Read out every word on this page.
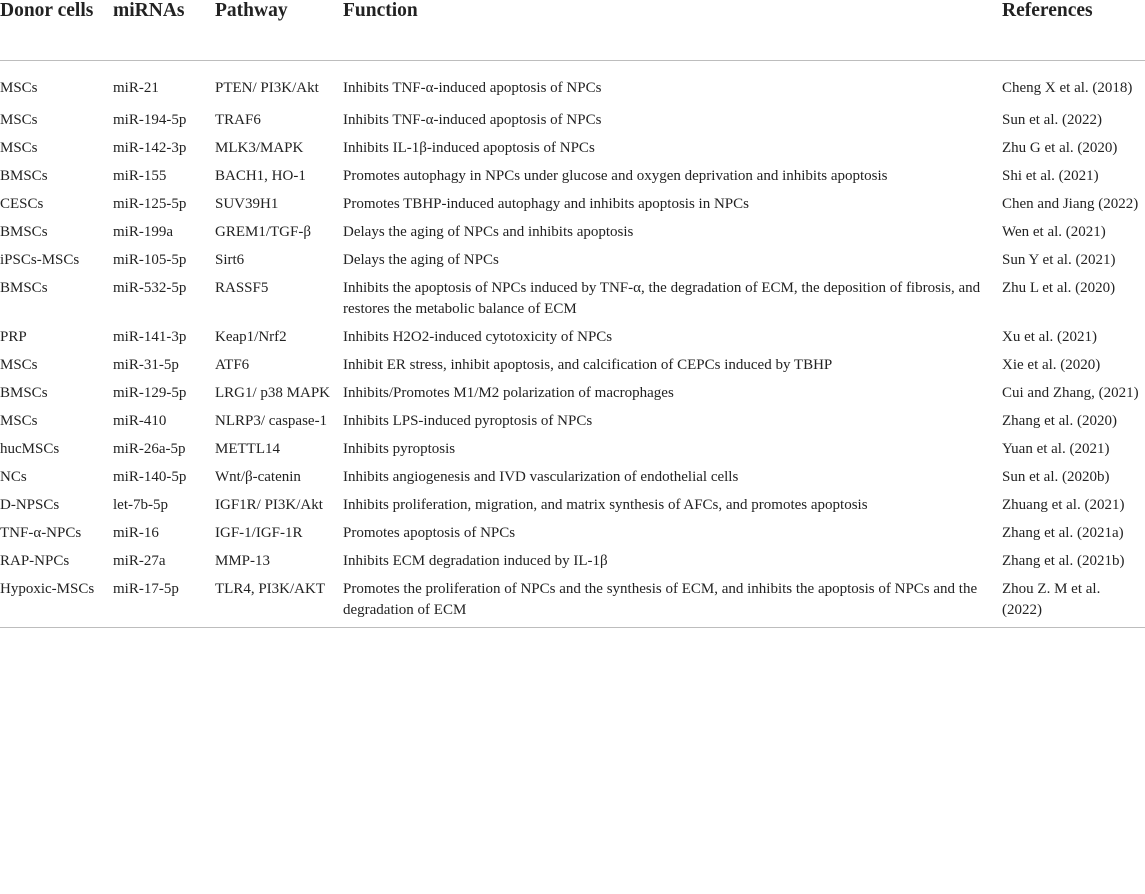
Donor cells	miRNAs	Pathway	Function	References
MSCs	miR-21	PTEN/ PI3K/Akt	Inhibits TNF-α-induced apoptosis of NPCs	Cheng X et al. (2018)
MSCs	miR-194-5p	TRAF6	Inhibits TNF-α-induced apoptosis of NPCs	Sun et al. (2022)
MSCs	miR-142-3p	MLK3/MAPK	Inhibits IL-1β-induced apoptosis of NPCs	Zhu G et al. (2020)
BMSCs	miR-155	BACH1, HO-1	Promotes autophagy in NPCs under glucose and oxygen deprivation and inhibits apoptosis	Shi et al. (2021)
CESCs	miR-125-5p	SUV39H1	Promotes TBHP-induced autophagy and inhibits apoptosis in NPCs	Chen and Jiang (2022)
BMSCs	miR-199a	GREM1/TGF-β	Delays the aging of NPCs and inhibits apoptosis	Wen et al. (2021)
iPSCs-MSCs	miR-105-5p	Sirt6	Delays the aging of NPCs	Sun Y et al. (2021)
BMSCs	miR-532-5p	RASSF5	Inhibits the apoptosis of NPCs induced by TNF-α, the degradation of ECM, the deposition of fibrosis, and restores the metabolic balance of ECM	Zhu L et al. (2020)
PRP	miR-141-3p	Keap1/Nrf2	Inhibits H2O2-induced cytotoxicity of NPCs	Xu et al. (2021)
MSCs	miR-31-5p	ATF6	Inhibit ER stress, inhibit apoptosis, and calcification of CEPCs induced by TBHP	Xie et al. (2020)
BMSCs	miR-129-5p	LRG1/ p38 MAPK	Inhibits/Promotes M1/M2 polarization of macrophages	Cui and Zhang, (2021)
MSCs	miR-410	NLRP3/ caspase-1	Inhibits LPS-induced pyroptosis of NPCs	Zhang et al. (2020)
hucMSCs	miR-26a-5p	METTL14	Inhibits pyroptosis	Yuan et al. (2021)
NCs	miR-140-5p	Wnt/β-catenin	Inhibits angiogenesis and IVD vascularization of endothelial cells	Sun et al. (2020b)
D-NPSCs	let-7b-5p	IGF1R/ PI3K/Akt	Inhibits proliferation, migration, and matrix synthesis of AFCs, and promotes apoptosis	Zhuang et al. (2021)
TNF-α-NPCs	miR-16	IGF-1/IGF-1R	Promotes apoptosis of NPCs	Zhang et al. (2021a)
RAP-NPCs	miR-27a	MMP-13	Inhibits ECM degradation induced by IL-1β	Zhang et al. (2021b)
Hypoxic-MSCs	miR-17-5p	TLR4, PI3K/AKT	Promotes the proliferation of NPCs and the synthesis of ECM, and inhibits the apoptosis of NPCs and the degradation of ECM	Zhou Z. M et al. (2022)
